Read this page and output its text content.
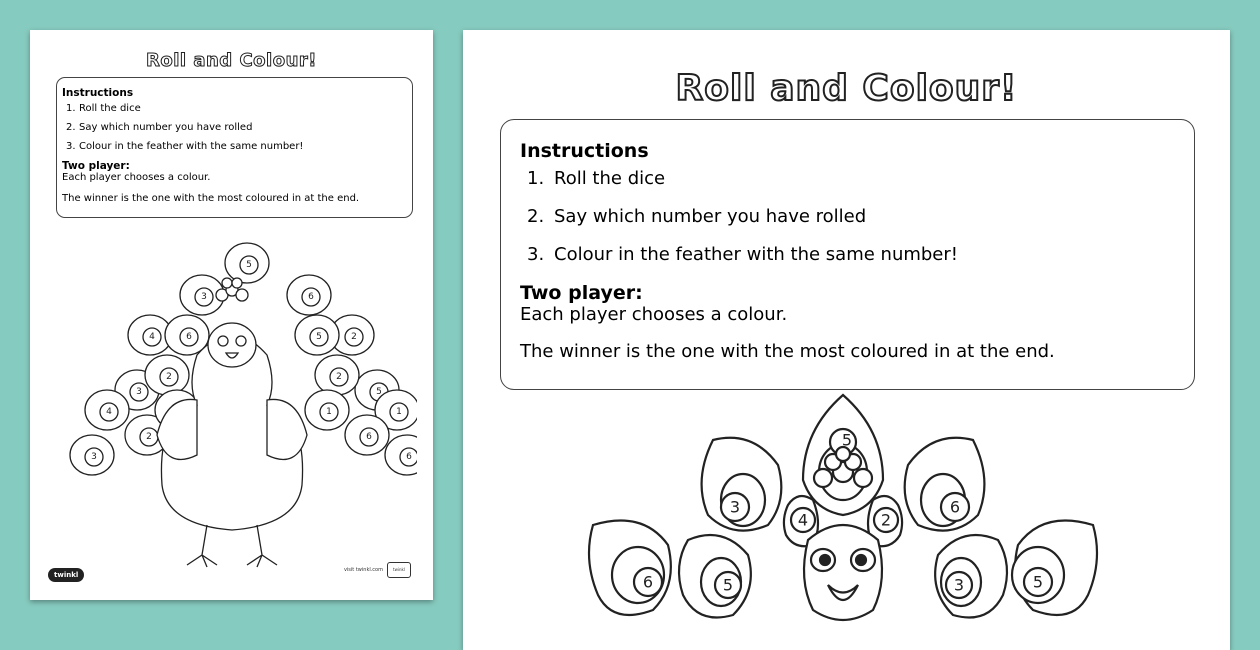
Roll and Colour!
Instructions
1. Roll the dice
2. Say which number you have rolled
3. Colour in the feather with the same number!
Two player:

Each player chooses a colour.

The winner is the one with the most coloured in at the end.

5
3	6
4	2
6	5
3	5
2	2
4	1
2	6
1
3	6
twinkl
visit twinkl.com	twinkl
Roll and Colour!
Instructions
1. Roll the dice
2. Say which number you have rolled
3. Colour in the feather with the same number!
Two player:

Each player chooses a colour.

The winner is the one with the most coloured in at the end.

5
3	6
4	2
6	5	3	5
